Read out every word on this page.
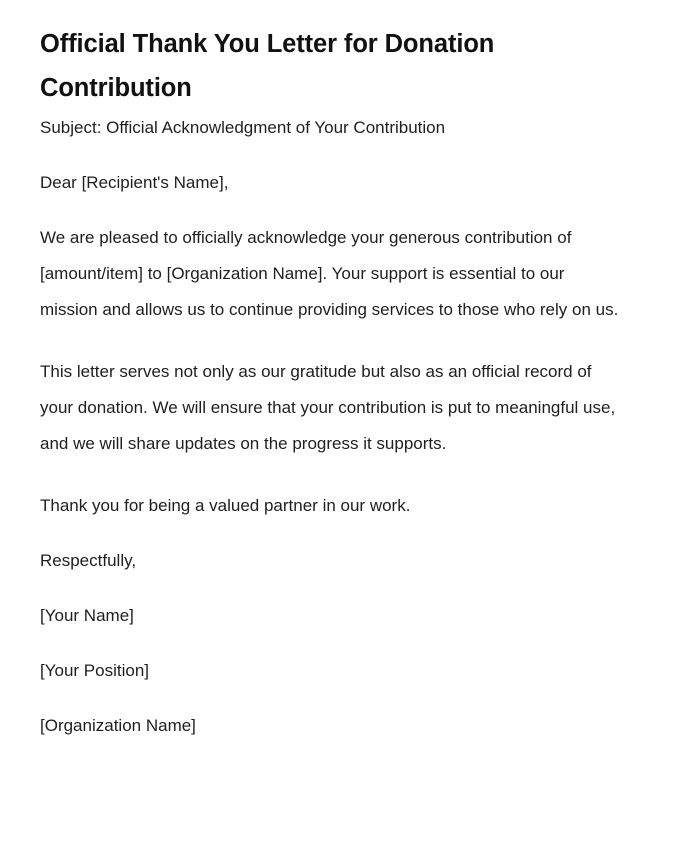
Official Thank You Letter for Donation Contribution

Subject: Official Acknowledgment of Your Contribution

Dear [Recipient's Name],

We are pleased to officially acknowledge your generous contribution of [amount/item] to [Organization Name]. Your support is essential to our mission and allows us to continue providing services to those who rely on us.

This letter serves not only as our gratitude but also as an official record of your donation. We will ensure that your contribution is put to meaningful use, and we will share updates on the progress it supports.

Thank you for being a valued partner in our work.

Respectfully,

[Your Name]

[Your Position]

[Organization Name]
